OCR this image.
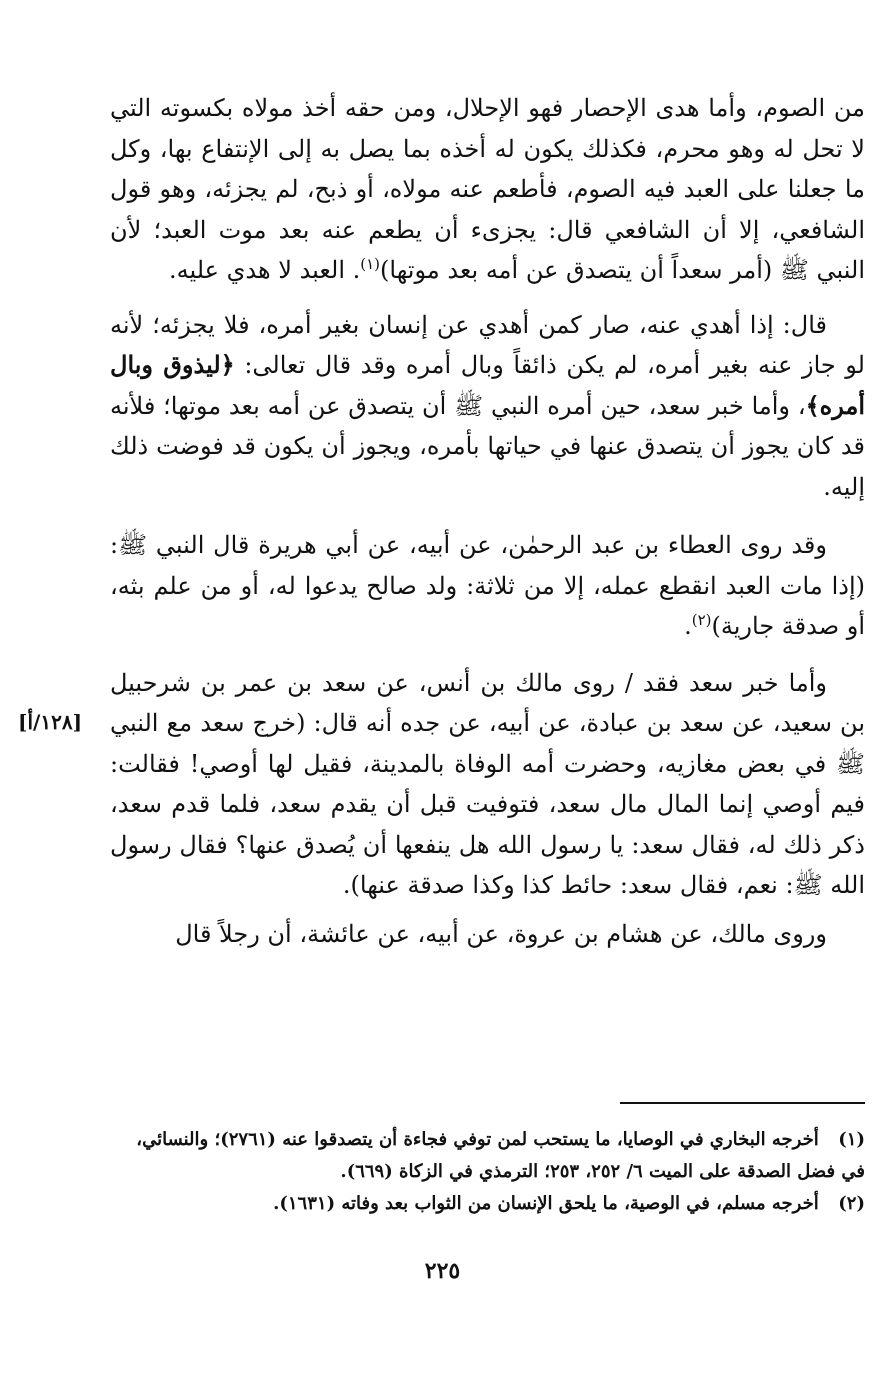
من الصوم، وأما هدى الإحصار فهو الإحلال، ومن حقه أخذ مولاه بكسوته التي لا تحل له وهو محرم، فكذلك يكون له أخذه بما يصل به إلى الإنتفاع بها، وكل ما جعلنا على العبد فيه الصوم، فأطعم عنه مولاه، أو ذبح، لم يجزئه، وهو قول الشافعي، إلا أن الشافعي قال: يجزىء أن يطعم عنه بعد موت العبد؛ لأن النبي ﷺ (أمر سعداً أن يتصدق عن أمه بعد موتها)$^{(١)}$. العبد لا هدي عليه.

قال: إذا أهدي عنه، صار كمن أهدي عن إنسان بغير أمره، فلا يجزئه؛ لأنه لو جاز عنه بغير أمره، لم يكن ذائقاً وبال أمره وقد قال تعالى: ﴿ليذوق وبال أمره﴾، وأما خبر سعد، حين أمره النبي ﷺ أن يتصدق عن أمه بعد موتها؛ فلأنه قد كان يجوز أن يتصدق عنها في حياتها بأمره، ويجوز أن يكون قد فوضت ذلك إليه.

وقد روى العطاء بن عبد الرحمٰن، عن أبيه، عن أبي هريرة قال النبي ﷺ: (إذا مات العبد انقطع عمله، إلا من ثلاثة: ولد صالح يدعوا له، أو من علم بثه، أو صدقة جارية)$^{(٢)}$.

وأما خبر سعد فقد / روى مالك بن أنس، عن سعد بن عمر بن شرحبيل بن سعيد، عن سعد بن عبادة، عن أبيه، عن جده أنه قال: (خرج سعد مع النبي ﷺ في بعض مغازيه، وحضرت أمه الوفاة بالمدينة، فقيل لها أوصي! فقالت: فيم أوصي إنما المال مال سعد، فتوفيت قبل أن يقدم سعد، فلما قدم سعد، ذكر ذلك له، فقال سعد: يا رسول الله هل ينفعها أن يُصدق عنها؟ فقال رسول الله ﷺ: نعم، فقال سعد: حائط كذا وكذا صدقة عنها).

وروى مالك، عن هشام بن عروة، عن أبيه، عن عائشة، أن رجلاً قال

[١٢٨/أ]

(١) أخرجه البخاري في الوصايا، ما يستحب لمن توفي فجاءة أن يتصدقوا عنه (٢٧٦١)؛ والنسائي، في فضل الصدقة على الميت ٦/ ٢٥٢، ٢٥٣؛ الترمذي في الزكاة (٦٦٩).

(٢) أخرجه مسلم، في الوصية، ما يلحق الإنسان من الثواب بعد وفاته (١٦٣١).

٢٢٥
